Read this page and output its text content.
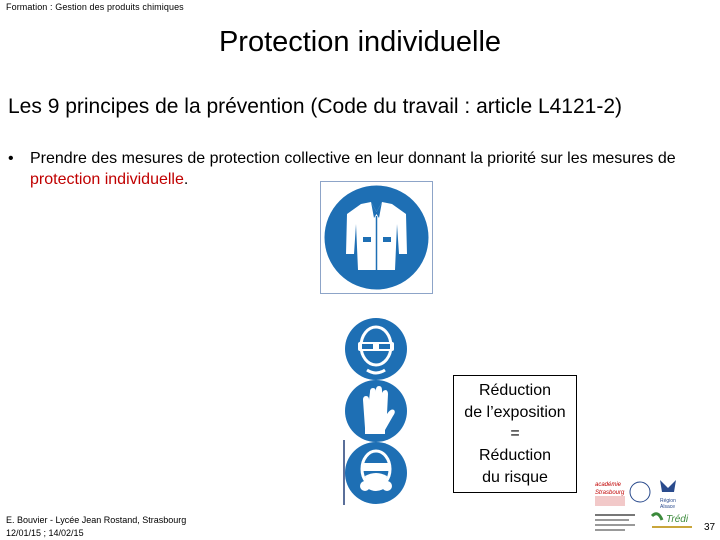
Formation : Gestion des produits chimiques
Protection individuelle
Les 9 principes de la prévention (Code du travail : article L4121-2)
•	Prendre des mesures de protection collective en leur donnant la priorité sur les mesures de protection individuelle.
Réduction
de l’exposition
=
Réduction
du risque	académie
Strasbourg
Région
Alsace
Trédi
E. Bouvier - Lycée Jean Rostand, Strasbourg
12/01/15 ; 14/02/15	37
